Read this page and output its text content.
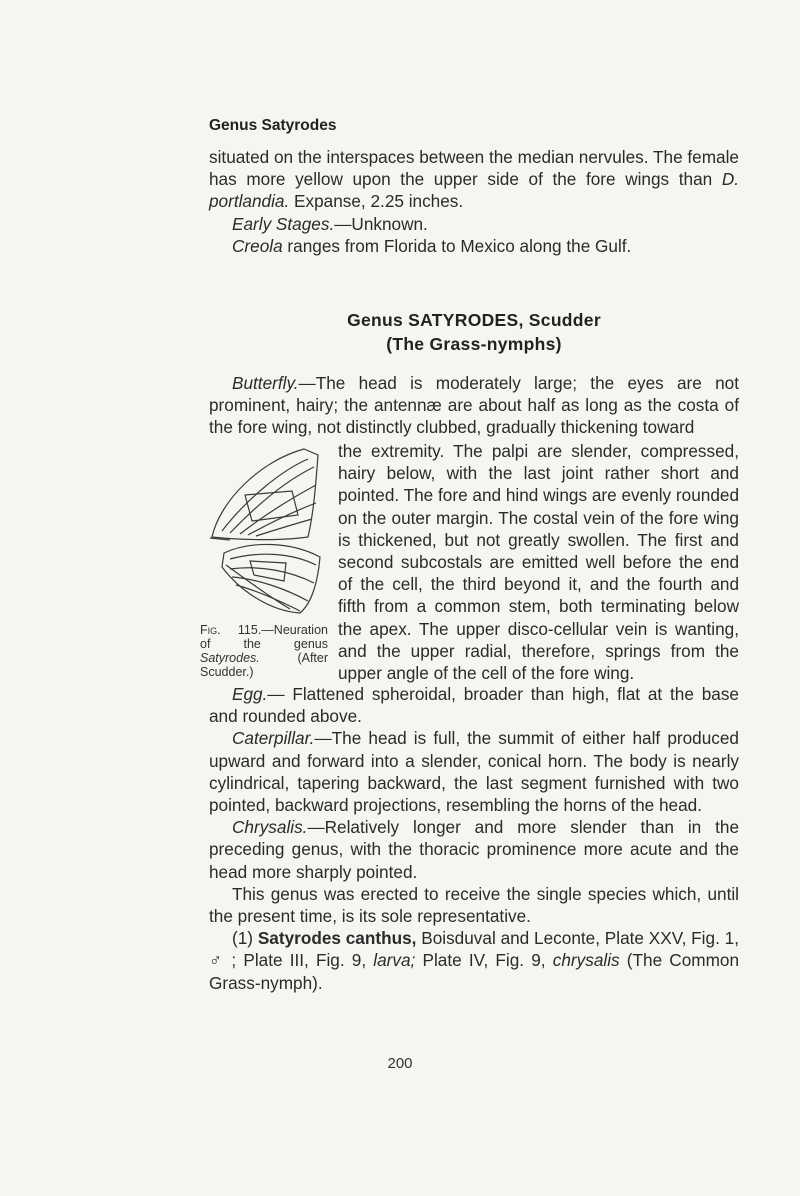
Genus Satyrodes

situated on the interspaces between the median nervules. The female has more yellow upon the upper side of the fore wings than D. portlandia. Expanse, 2.25 inches.

Early Stages.—Unknown.

Creola ranges from Florida to Mexico along the Gulf.

Genus SATYRODES, Scudder
(The Grass-nymphs)

Butterfly.—The head is moderately large; the eyes are not prominent, hairy; the antennæ are about half as long as the costa of the fore wing, not distinctly clubbed, gradually thickening toward

Fig. 115.—Neuration of the genus Satyrodes.	(After Scudder.)

the extremity. The palpi are slender, compressed, hairy below, with the last joint rather short and pointed. The fore and hind wings are evenly rounded on the outer margin. The costal vein of the fore wing is thickened, but not greatly swollen. The first and second subcostals are emitted well before the end of the cell, the third beyond it, and the fourth and fifth from a common stem, both terminating below the apex. The upper disco-cellular vein is wanting, and the upper radial, therefore, springs from the upper angle of the cell of the fore wing.

Egg.— Flattened spheroidal, broader than high, flat at the base and rounded above.

Caterpillar.—The head is full, the summit of either half produced upward and forward into a slender, conical horn. The body is nearly cylindrical, tapering backward, the last segment furnished with two pointed, backward projections, resembling the horns of the head.

Chrysalis.—Relatively longer and more slender than in the preceding genus, with the thoracic prominence more acute and the head more sharply pointed.

This genus was erected to receive the single species which, until the present time, is its sole representative.

(1) Satyrodes canthus, Boisduval and Leconte, Plate XXV, Fig. 1, ♂ ; Plate III, Fig. 9, larva; Plate IV, Fig. 9, chrysalis (The Common Grass-nymph).

200
